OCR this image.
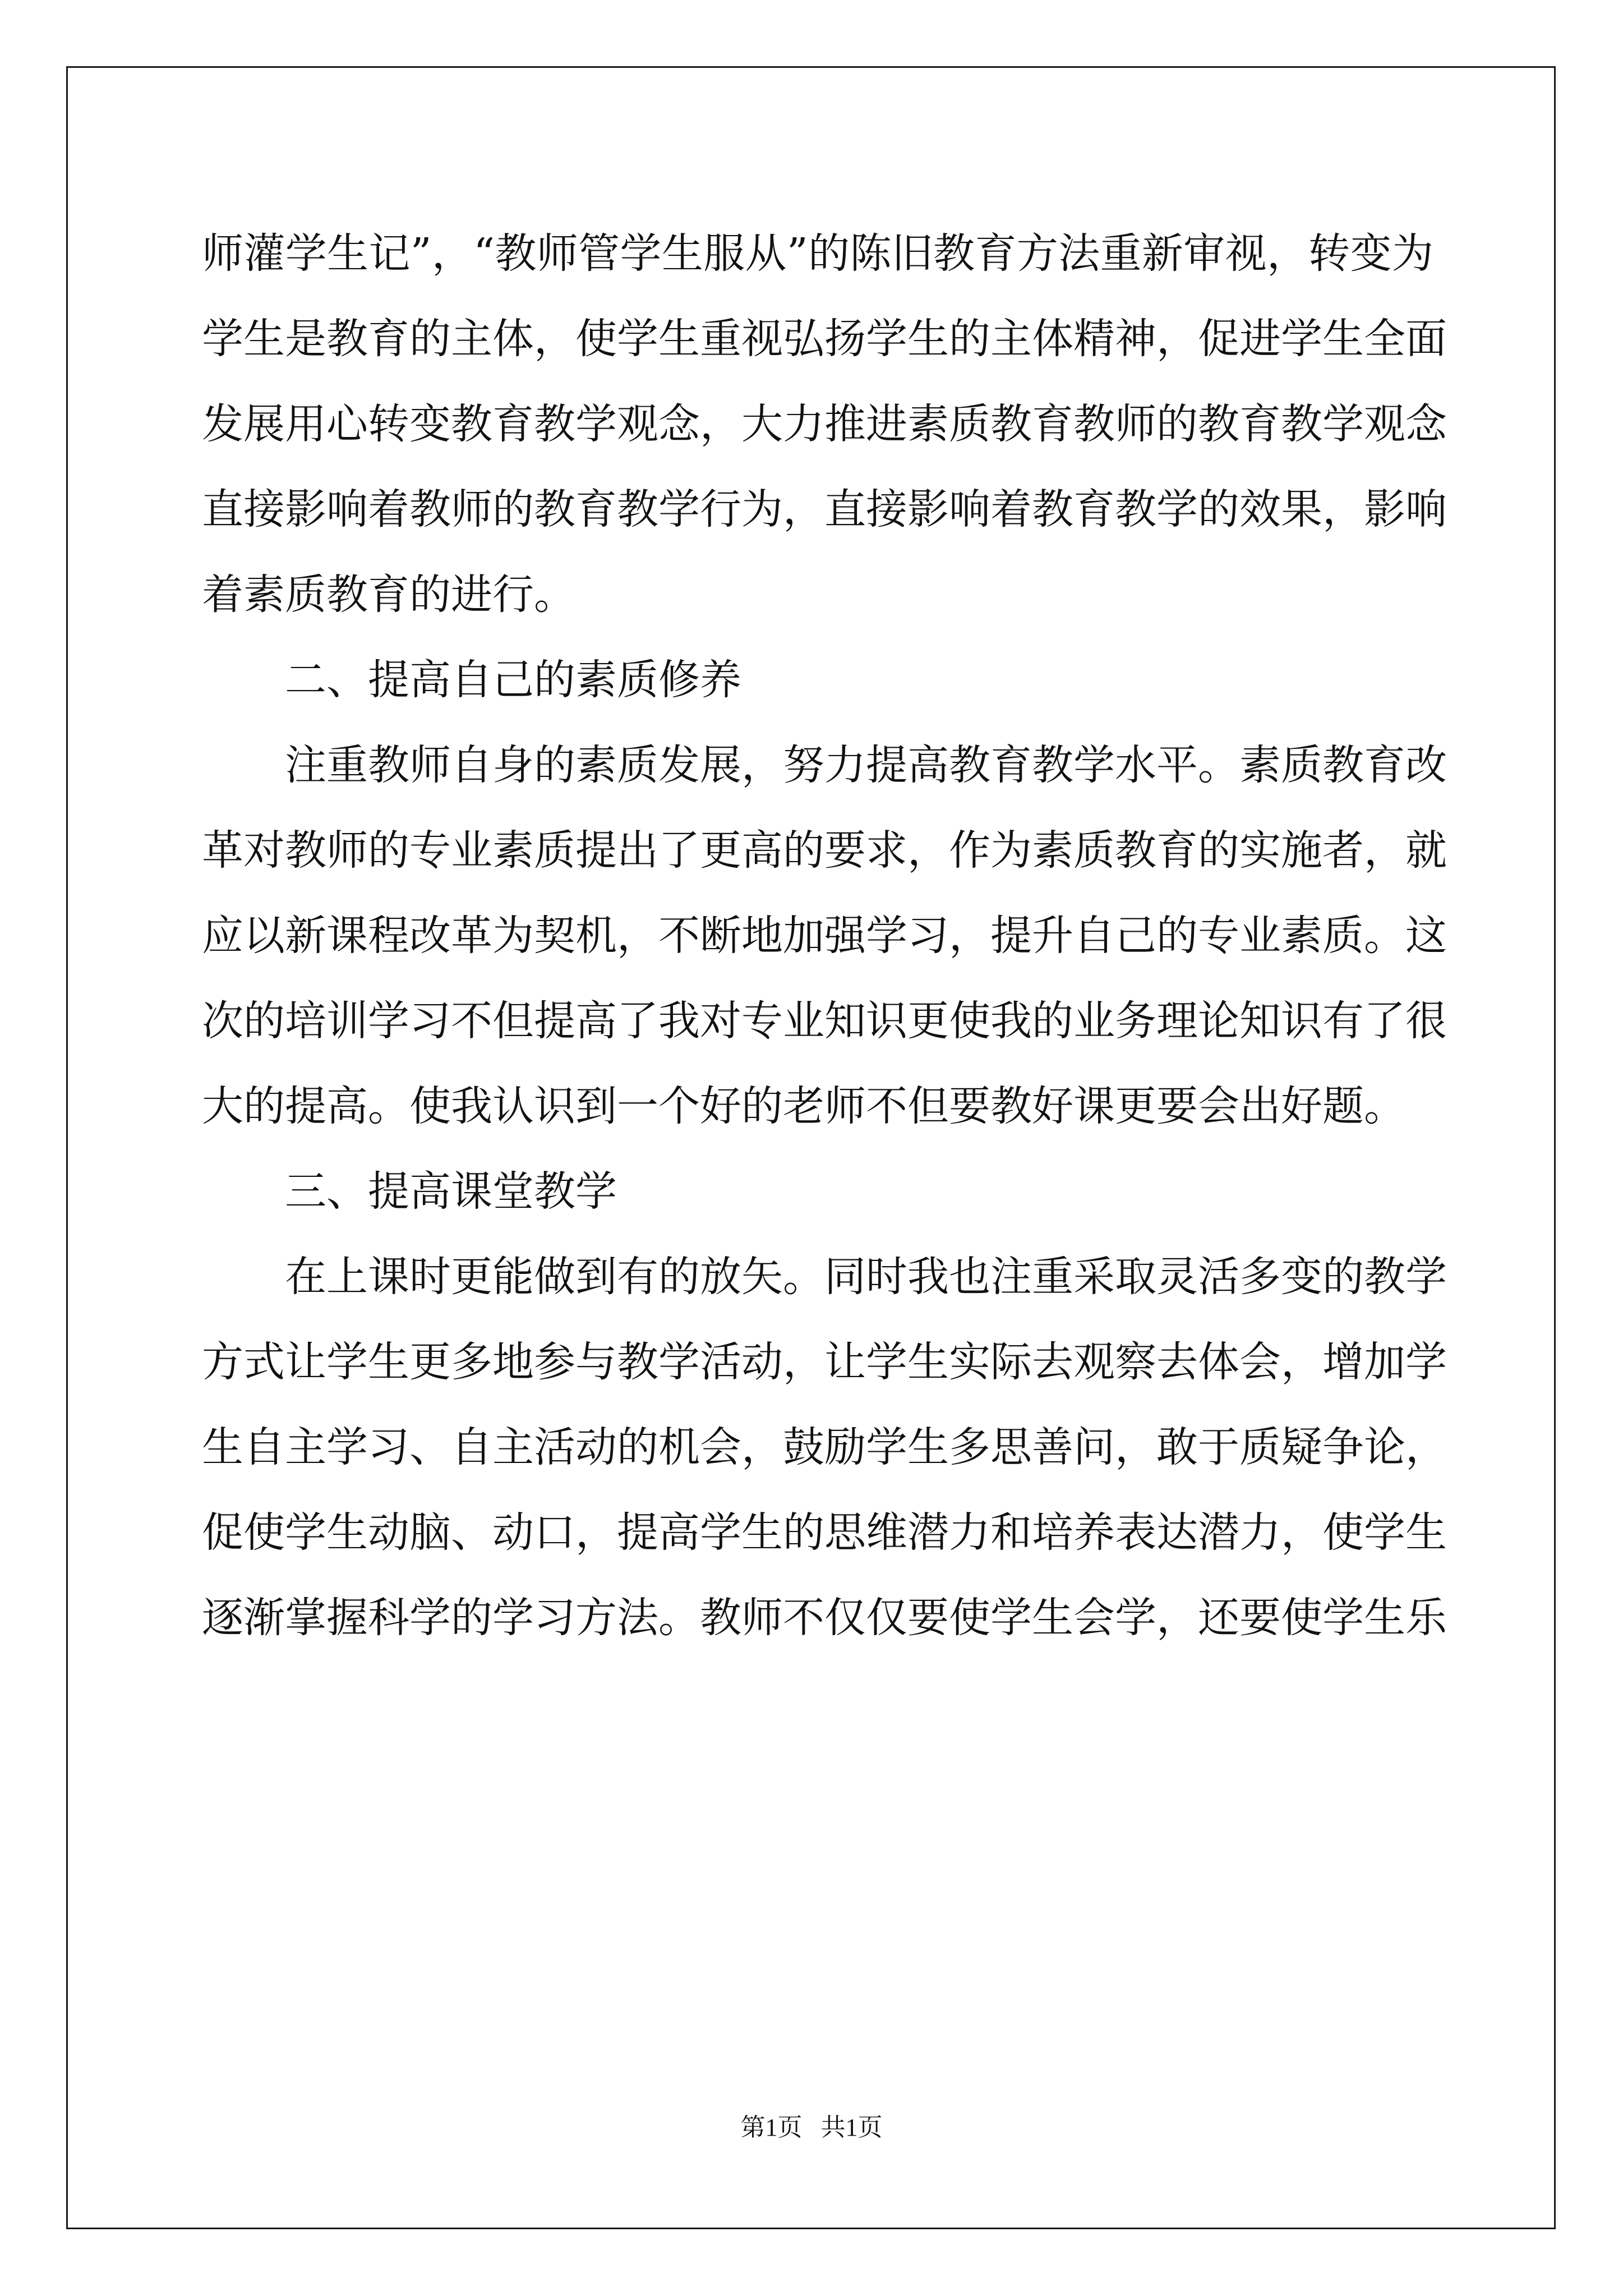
师灌学生记”，“教师管学生服从”的陈旧教育方法重新审视，转变为
学生是教育的主体，使学生重视弘扬学生的主体精神，促进学生全面
发展用心转变教育教学观念，大力推进素质教育教师的教育教学观念
直接影响着教师的教育教学行为，直接影响着教育教学的效果，影响
着素质教育的进行。
二、提高自己的素质修养
注重教师自身的素质发展，努力提高教育教学水平。素质教育改
革对教师的专业素质提出了更高的要求，作为素质教育的实施者，就
应以新课程改革为契机，不断地加强学习，提升自己的专业素质。这
次的培训学习不但提高了我对专业知识更使我的业务理论知识有了很
大的提高。使我认识到一个好的老师不但要教好课更要会出好题。
三、提高课堂教学
在上课时更能做到有的放矢。同时我也注重采取灵活多变的教学
方式让学生更多地参与教学活动，让学生实际去观察去体会，增加学
生自主学习、自主活动的机会，鼓励学生多思善问，敢于质疑争论，
促使学生动脑、动口，提高学生的思维潜力和培养表达潜力，使学生
逐渐掌握科学的学习方法。教师不仅仅要使学生会学，还要使学生乐
第1页   共1页
